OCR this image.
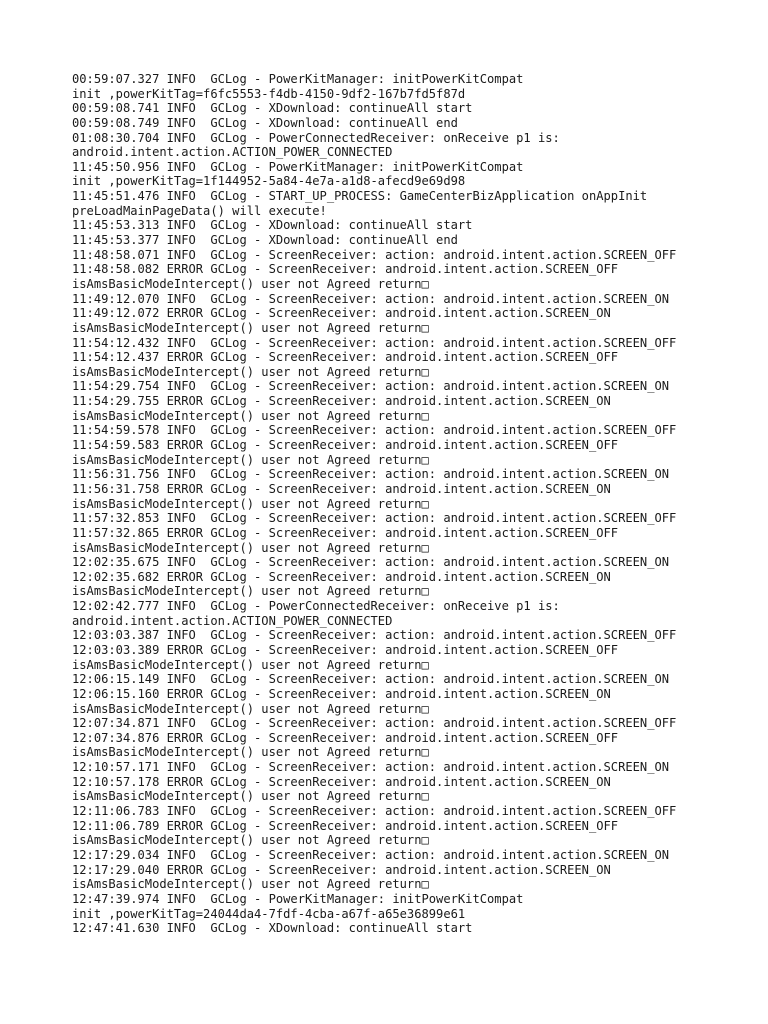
00:59:07.327 INFO  GCLog - PowerKitManager: initPowerKitCompat
init ,powerKitTag=f6fc5553-f4db-4150-9df2-167b7fd5f87d
00:59:08.741 INFO  GCLog - XDownload: continueAll start
00:59:08.749 INFO  GCLog - XDownload: continueAll end
01:08:30.704 INFO  GCLog - PowerConnectedReceiver: onReceive p1 is:
android.intent.action.ACTION_POWER_CONNECTED
11:45:50.956 INFO  GCLog - PowerKitManager: initPowerKitCompat
init ,powerKitTag=1f144952-5a84-4e7a-a1d8-afecd9e69d98
11:45:51.476 INFO  GCLog - START_UP_PROCESS: GameCenterBizApplication onAppInit
preLoadMainPageData() will execute!
11:45:53.313 INFO  GCLog - XDownload: continueAll start
11:45:53.377 INFO  GCLog - XDownload: continueAll end
11:48:58.071 INFO  GCLog - ScreenReceiver: action: android.intent.action.SCREEN_OFF
11:48:58.082 ERROR GCLog - ScreenReceiver: android.intent.action.SCREEN_OFF
isAmsBasicModeIntercept() user not Agreed return□
11:49:12.070 INFO  GCLog - ScreenReceiver: action: android.intent.action.SCREEN_ON
11:49:12.072 ERROR GCLog - ScreenReceiver: android.intent.action.SCREEN_ON
isAmsBasicModeIntercept() user not Agreed return□
11:54:12.432 INFO  GCLog - ScreenReceiver: action: android.intent.action.SCREEN_OFF
11:54:12.437 ERROR GCLog - ScreenReceiver: android.intent.action.SCREEN_OFF
isAmsBasicModeIntercept() user not Agreed return□
11:54:29.754 INFO  GCLog - ScreenReceiver: action: android.intent.action.SCREEN_ON
11:54:29.755 ERROR GCLog - ScreenReceiver: android.intent.action.SCREEN_ON
isAmsBasicModeIntercept() user not Agreed return□
11:54:59.578 INFO  GCLog - ScreenReceiver: action: android.intent.action.SCREEN_OFF
11:54:59.583 ERROR GCLog - ScreenReceiver: android.intent.action.SCREEN_OFF
isAmsBasicModeIntercept() user not Agreed return□
11:56:31.756 INFO  GCLog - ScreenReceiver: action: android.intent.action.SCREEN_ON
11:56:31.758 ERROR GCLog - ScreenReceiver: android.intent.action.SCREEN_ON
isAmsBasicModeIntercept() user not Agreed return□
11:57:32.853 INFO  GCLog - ScreenReceiver: action: android.intent.action.SCREEN_OFF
11:57:32.865 ERROR GCLog - ScreenReceiver: android.intent.action.SCREEN_OFF
isAmsBasicModeIntercept() user not Agreed return□
12:02:35.675 INFO  GCLog - ScreenReceiver: action: android.intent.action.SCREEN_ON
12:02:35.682 ERROR GCLog - ScreenReceiver: android.intent.action.SCREEN_ON
isAmsBasicModeIntercept() user not Agreed return□
12:02:42.777 INFO  GCLog - PowerConnectedReceiver: onReceive p1 is:
android.intent.action.ACTION_POWER_CONNECTED
12:03:03.387 INFO  GCLog - ScreenReceiver: action: android.intent.action.SCREEN_OFF
12:03:03.389 ERROR GCLog - ScreenReceiver: android.intent.action.SCREEN_OFF
isAmsBasicModeIntercept() user not Agreed return□
12:06:15.149 INFO  GCLog - ScreenReceiver: action: android.intent.action.SCREEN_ON
12:06:15.160 ERROR GCLog - ScreenReceiver: android.intent.action.SCREEN_ON
isAmsBasicModeIntercept() user not Agreed return□
12:07:34.871 INFO  GCLog - ScreenReceiver: action: android.intent.action.SCREEN_OFF
12:07:34.876 ERROR GCLog - ScreenReceiver: android.intent.action.SCREEN_OFF
isAmsBasicModeIntercept() user not Agreed return□
12:10:57.171 INFO  GCLog - ScreenReceiver: action: android.intent.action.SCREEN_ON
12:10:57.178 ERROR GCLog - ScreenReceiver: android.intent.action.SCREEN_ON
isAmsBasicModeIntercept() user not Agreed return□
12:11:06.783 INFO  GCLog - ScreenReceiver: action: android.intent.action.SCREEN_OFF
12:11:06.789 ERROR GCLog - ScreenReceiver: android.intent.action.SCREEN_OFF
isAmsBasicModeIntercept() user not Agreed return□
12:17:29.034 INFO  GCLog - ScreenReceiver: action: android.intent.action.SCREEN_ON
12:17:29.040 ERROR GCLog - ScreenReceiver: android.intent.action.SCREEN_ON
isAmsBasicModeIntercept() user not Agreed return□
12:47:39.974 INFO  GCLog - PowerKitManager: initPowerKitCompat
init ,powerKitTag=24044da4-7fdf-4cba-a67f-a65e36899e61
12:47:41.630 INFO  GCLog - XDownload: continueAll start
